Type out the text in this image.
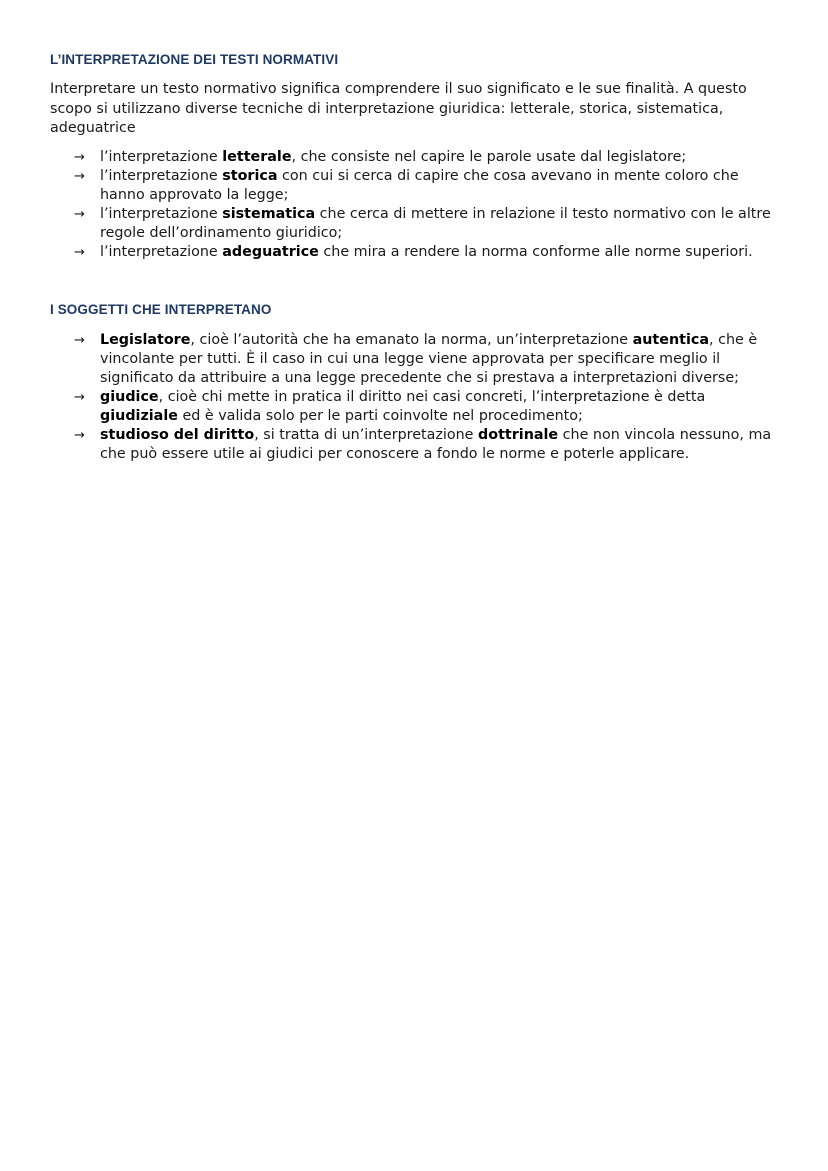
L’INTERPRETAZIONE DEI TESTI NORMATIVI

Interpretare un testo normativo significa comprendere il suo significato e le sue finalità. A questo scopo si utilizzano diverse tecniche di interpretazione giuridica: letterale, storica, sistematica, adeguatrice

→ l’interpretazione letterale, che consiste nel capire le parole usate dal legislatore;
→ l’interpretazione storica con cui si cerca di capire che cosa avevano in mente coloro che hanno approvato la legge;
→ l’interpretazione sistematica che cerca di mettere in relazione il testo normativo con le altre regole dell’ordinamento giuridico;
→ l’interpretazione adeguatrice che mira a rendere la norma conforme alle norme superiori.
I SOGGETTI CHE INTERPRETANO
→ Legislatore, cioè l’autorità che ha emanato la norma, un’interpretazione autentica, che è vincolante per tutti. È il caso in cui una legge viene approvata per specificare meglio il significato da attribuire a una legge precedente che si prestava a interpretazioni diverse;
→ giudice, cioè chi mette in pratica il diritto nei casi concreti, l’interpretazione è detta giudiziale ed è valida solo per le parti coinvolte nel procedimento;
→ studioso del diritto, si tratta di un’interpretazione dottrinale che non vincola nessuno, ma che può essere utile ai giudici per conoscere a fondo le norme e poterle applicare.
